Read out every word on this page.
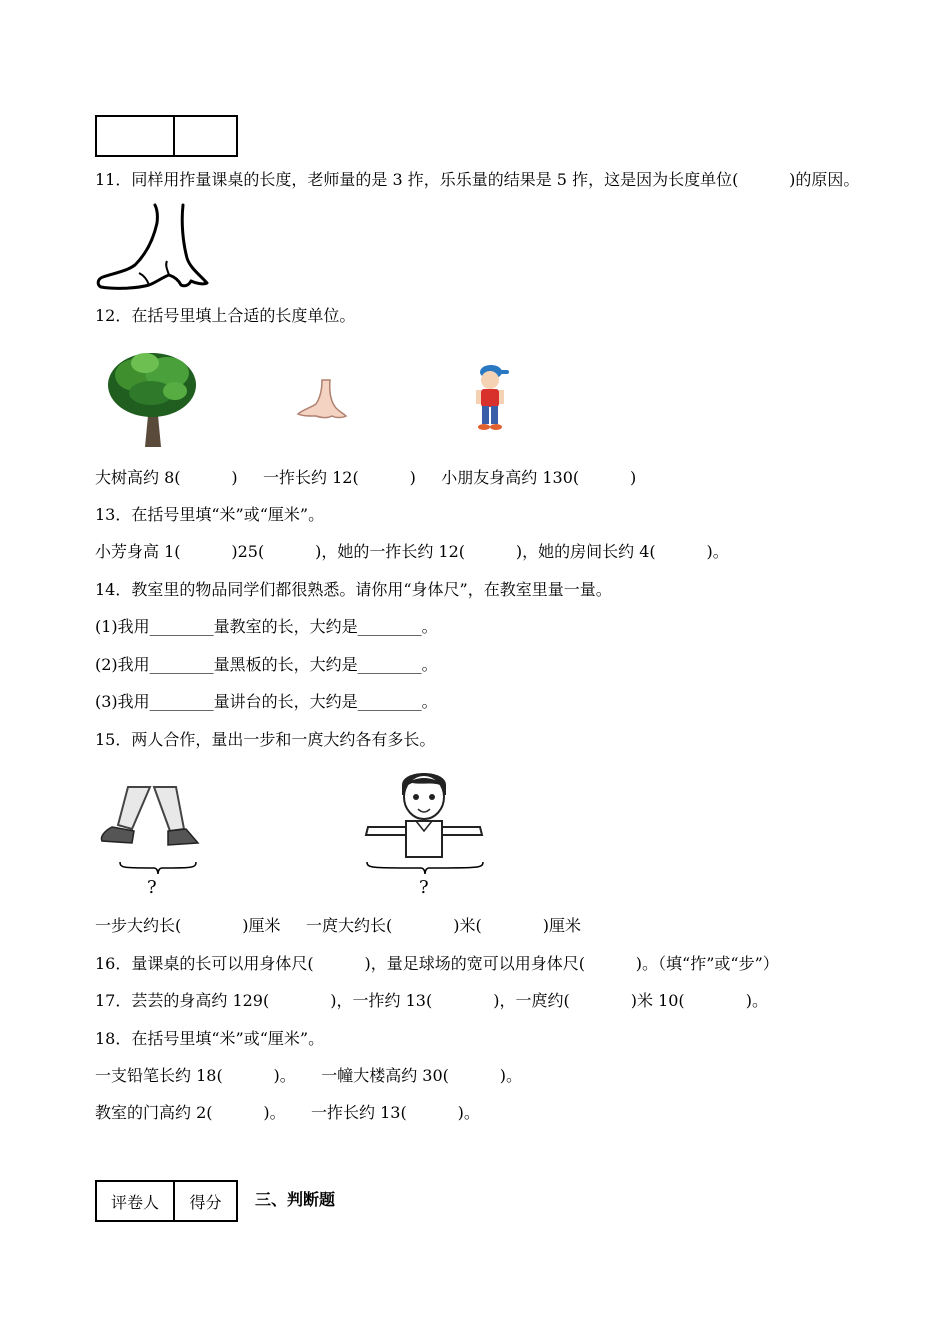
11．同样用拃量课桌的长度，老师量的是 3 拃，乐乐量的结果是 5 拃，这是因为长度单位(          )的原因。
12．在括号里填上合适的长度单位。
大树高约 8(          )     一拃长约 12(          )     小朋友身高约 130(          )
13．在括号里填“米”或“厘米”。
小芳身高 1(          )25(          )，她的一拃长约 12(          )，她的房间长约 4(          )。
14．教室里的物品同学们都很熟悉。请你用“身体尺”，在教室里量一量。
(1)我用________量教室的长，大约是________。
(2)我用________量黑板的长，大约是________。
(3)我用________量讲台的长，大约是________。
15．两人合作，量出一步和一庹大约各有多长。
?	?
一步大约长(            )厘米     一庹大约长(            )米(            )厘米
16．量课桌的长可以用身体尺(          )，量足球场的宽可以用身体尺(          )。（填“拃”或“步”）
17．芸芸的身高约 129(            )，一拃约 13(            )，一庹约(            )米 10(            )。
18．在括号里填“米”或“厘米”。
一支铅笔长约 18(          )。     一幢大楼高约 30(          )。
教室的门高约 2(          )。     一拃长约 13(          )。
评卷人	得分	三、判断题
